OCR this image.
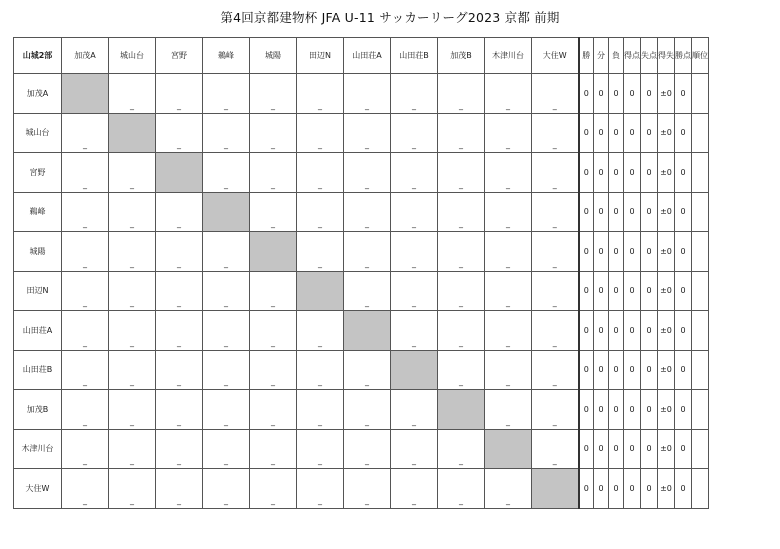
第4回京都建物杯 JFA U-11 サッカーリーグ2023 京都 前期
山城2部	加茂A	城山台	宮野	鵜峰	城陽	田辺N	山田荘A	山田荘B	加茂B	木津川台	大住W	勝	分	負	得点	失点	得失	勝点	順位
加茂A		_	_	_	_	_	_	_	_	_	_	0	0	0	0	0	±0	0	
城山台	_		_	_	_	_	_	_	_	_	_	0	0	0	0	0	±0	0	
宮野	_	_		_	_	_	_	_	_	_	_	0	0	0	0	0	±0	0	
鵜峰	_	_	_		_	_	_	_	_	_	_	0	0	0	0	0	±0	0	
城陽	_	_	_	_		_	_	_	_	_	_	0	0	0	0	0	±0	0	
田辺N	_	_	_	_	_		_	_	_	_	_	0	0	0	0	0	±0	0	
山田荘A	_	_	_	_	_	_		_	_	_	_	0	0	0	0	0	±0	0	
山田荘B	_	_	_	_	_	_	_		_	_	_	0	0	0	0	0	±0	0	
加茂B	_	_	_	_	_	_	_	_		_	_	0	0	0	0	0	±0	0	
木津川台	_	_	_	_	_	_	_	_	_		_	0	0	0	0	0	±0	0	
大住W	_	_	_	_	_	_	_	_	_	_		0	0	0	0	0	±0	0	
